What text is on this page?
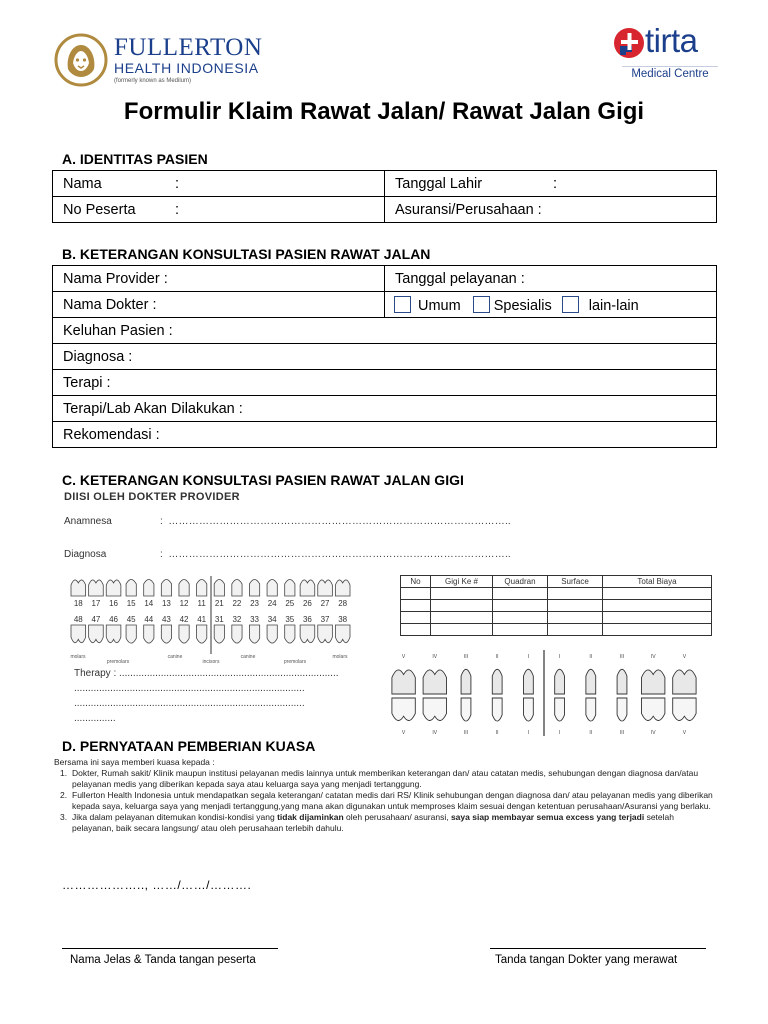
FULLERTON
HEALTH INDONESIA
(formerly known as Medilum)
tirta
Medical Centre
Formulir Klaim Rawat Jalan/ Rawat Jalan Gigi
A. IDENTITAS PASIEN
Nama :	Tanggal Lahir :
No Peserta :	Asuransi/Perusahaan :
B. KETERANGAN KONSULTASI PASIEN RAWAT JALAN
Nama Provider :	Tanggal pelayanan :
Nama Dokter :	Umum Spesialis lain-lain
Keluhan Pasien :	
Diagnosa :	
Terapi :	
Terapi/Lab Akan Dilakukan :	
Rekomendasi :	
C. KETERANGAN KONSULTASI PASIEN RAWAT JALAN GIGI
DIISI OLEH DOKTER PROVIDER
Anamnesa	: ………………………………………………………………………………………..
Diagnosa	: ………………………………………………………………………………………..
18 17 16 15 14 13 12 11 21 22 23 24 25 26 27 28
48 47 46 45 44 43 42 41 31 32 33 34 35 36 37 38
molars
premolars
canine
incisors
canine
premolars
molars
Therapy : ...............................................................................
...................................................................................
...................................................................................
...............
No	Gigi Ke #	Quadran	Surface	Total Biaya

V	IV	III	II	I	I	II	III	IV	V
V	IV	III	II	I	I	II	III	IV	V
D. PERNYATAAN PEMBERIAN KUASA
Bersama ini saya memberi kuasa kepada :
1. Dokter, Rumah sakit/ Klinik maupun institusi pelayanan medis lainnya untuk memberikan keterangan dan/ atau catatan medis, sehubungan dengan diagnosa dan/atau pelayanan medis yang diberikan kepada saya atau keluarga saya yang menjadi tertanggung.
2. Fullerton Health Indonesia untuk mendapatkan segala keterangan/ catatan medis dari RS/ Klinik sehubungan dengan diagnosa dan/ atau pelayanan medis yang diberikan kepada saya, keluarga saya yang menjadi tertanggung,yang mana akan digunakan untuk memproses klaim sesuai dengan ketentuan perusahaan/Asuransi yang berlaku.
3. Jika dalam pelayanan ditemukan kondisi-kondisi yang tidak dijaminkan oleh perusahaan/ asuransi, saya siap membayar semua excess yang terjadi setelah pelayanan, baik secara langsung/ atau oleh perusahaan terlebih dahulu.
……………….., ……/……/……….
Nama Jelas & Tanda tangan peserta	Tanda tangan Dokter yang merawat
